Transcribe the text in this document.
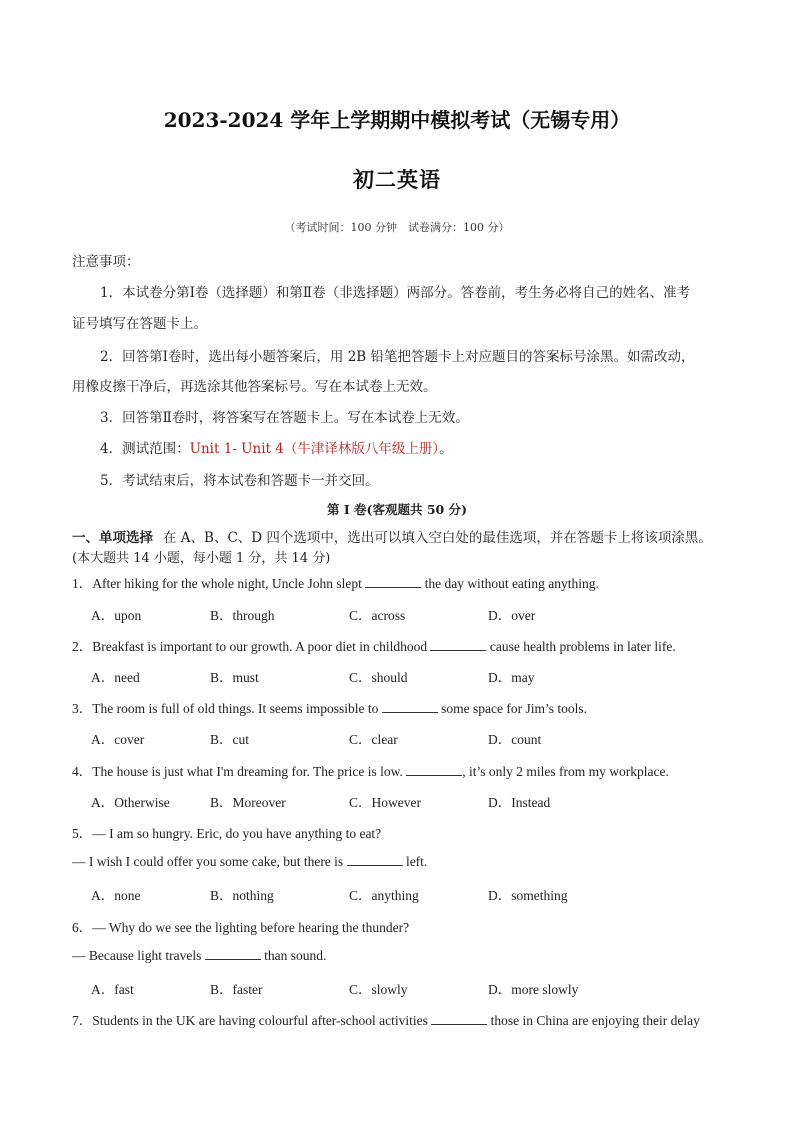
2023-2024 学年上学期期中模拟考试（无锡专用）
初二英语
（考试时间：100 分钟　试卷满分：100 分）
注意事项：
1．本试卷分第Ⅰ卷（选择题）和第Ⅱ卷（非选择题）两部分。答卷前，考生务必将自己的姓名、准考
证号填写在答题卡上。
2．回答第Ⅰ卷时，选出每小题答案后，用 2B 铅笔把答题卡上对应题目的答案标号涂黑。如需改动，
用橡皮擦干净后，再选涂其他答案标号。写在本试卷上无效。
3．回答第Ⅱ卷时，将答案写在答题卡上。写在本试卷上无效。
4．测试范围：Unit 1- Unit 4（牛津译林版八年级上册）。
5．考试结束后，将本试卷和答题卡一并交回。
第 I 卷(客观题共 50 分)
一、单项选择 在 A、B、C、D 四个选项中，选出可以填入空白处的最佳选项，并在答题卡上将该项涂黑。
(本大题共 14 小题，每小题 1 分，共 14 分)
1．After hiking for the whole night, Uncle John slept	the day without eating anything.
A．upon	B．through	C．across	D．over
2．Breakfast is important to our growth. A poor diet in childhood	cause health problems in later life.
A．need	B．must	C．should	D．may
3．The room is full of old things. It seems impossible to	some space for Jim’s tools.
A．cover	B．cut	C．clear	D．count
4．The house is just what I'm dreaming for. The price is low.	, it’s only 2 miles from my workplace.
A．Otherwise	B．Moreover	C．However	D．Instead
5．— I am so hungry. Eric, do you have anything to eat?
— I wish I could offer you some cake, but there is	left.
A．none	B．nothing	C．anything	D．something
6．— Why do we see the lighting before hearing the thunder?
— Because light travels	than sound.
A．fast	B．faster	C．slowly	D．more slowly
7．Students in the UK are having colourful after-school activities	those in China are enjoying their delay
